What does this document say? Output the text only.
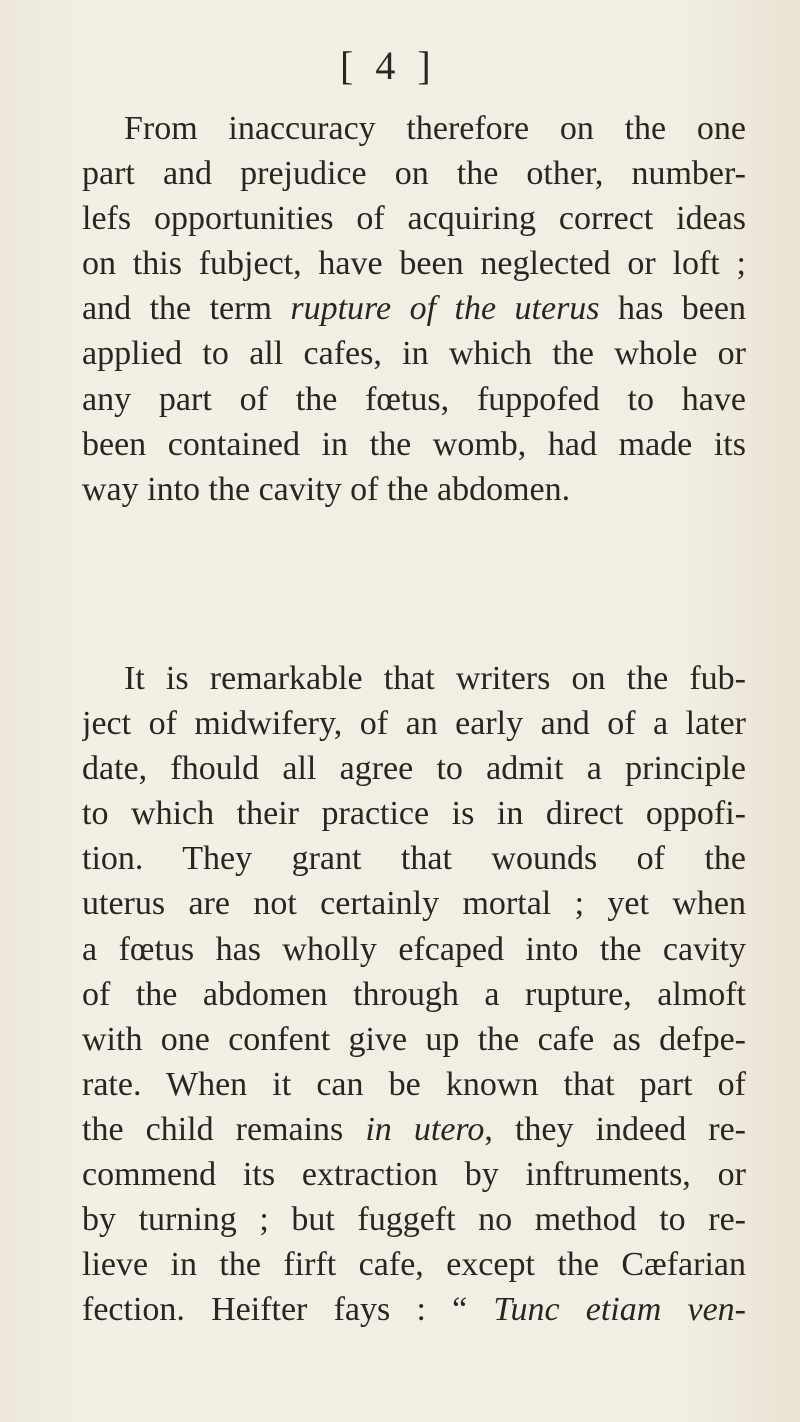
[ 4 ]
From inaccuracy therefore on the one
part and prejudice on the other, number-
lefs opportunities of acquiring correct ideas
on this fubject, have been neglected or loft ;
and the term rupture of the uterus has been
applied to all cafes, in which the whole or
any part of the fœtus, fuppofed to have
been contained in the womb, had made its
way into the cavity of the abdomen.
It is remarkable that writers on the fub-
ject of midwifery, of an early and of a later
date, fhould all agree to admit a principle
to which their practice is in direct oppofi-
tion. They grant that wounds of the
uterus are not certainly mortal ; yet when
a fœtus has wholly efcaped into the cavity
of the abdomen through a rupture, almoft
with one confent give up the cafe as defpe-
rate. When it can be known that part of
the child remains in utero, they indeed re-
commend its extraction by inftruments, or
by turning ; but fuggeft no method to re-
lieve in the firft cafe, except the Cæfarian
fection. Heifter fays : “ Tunc etiam ven-
